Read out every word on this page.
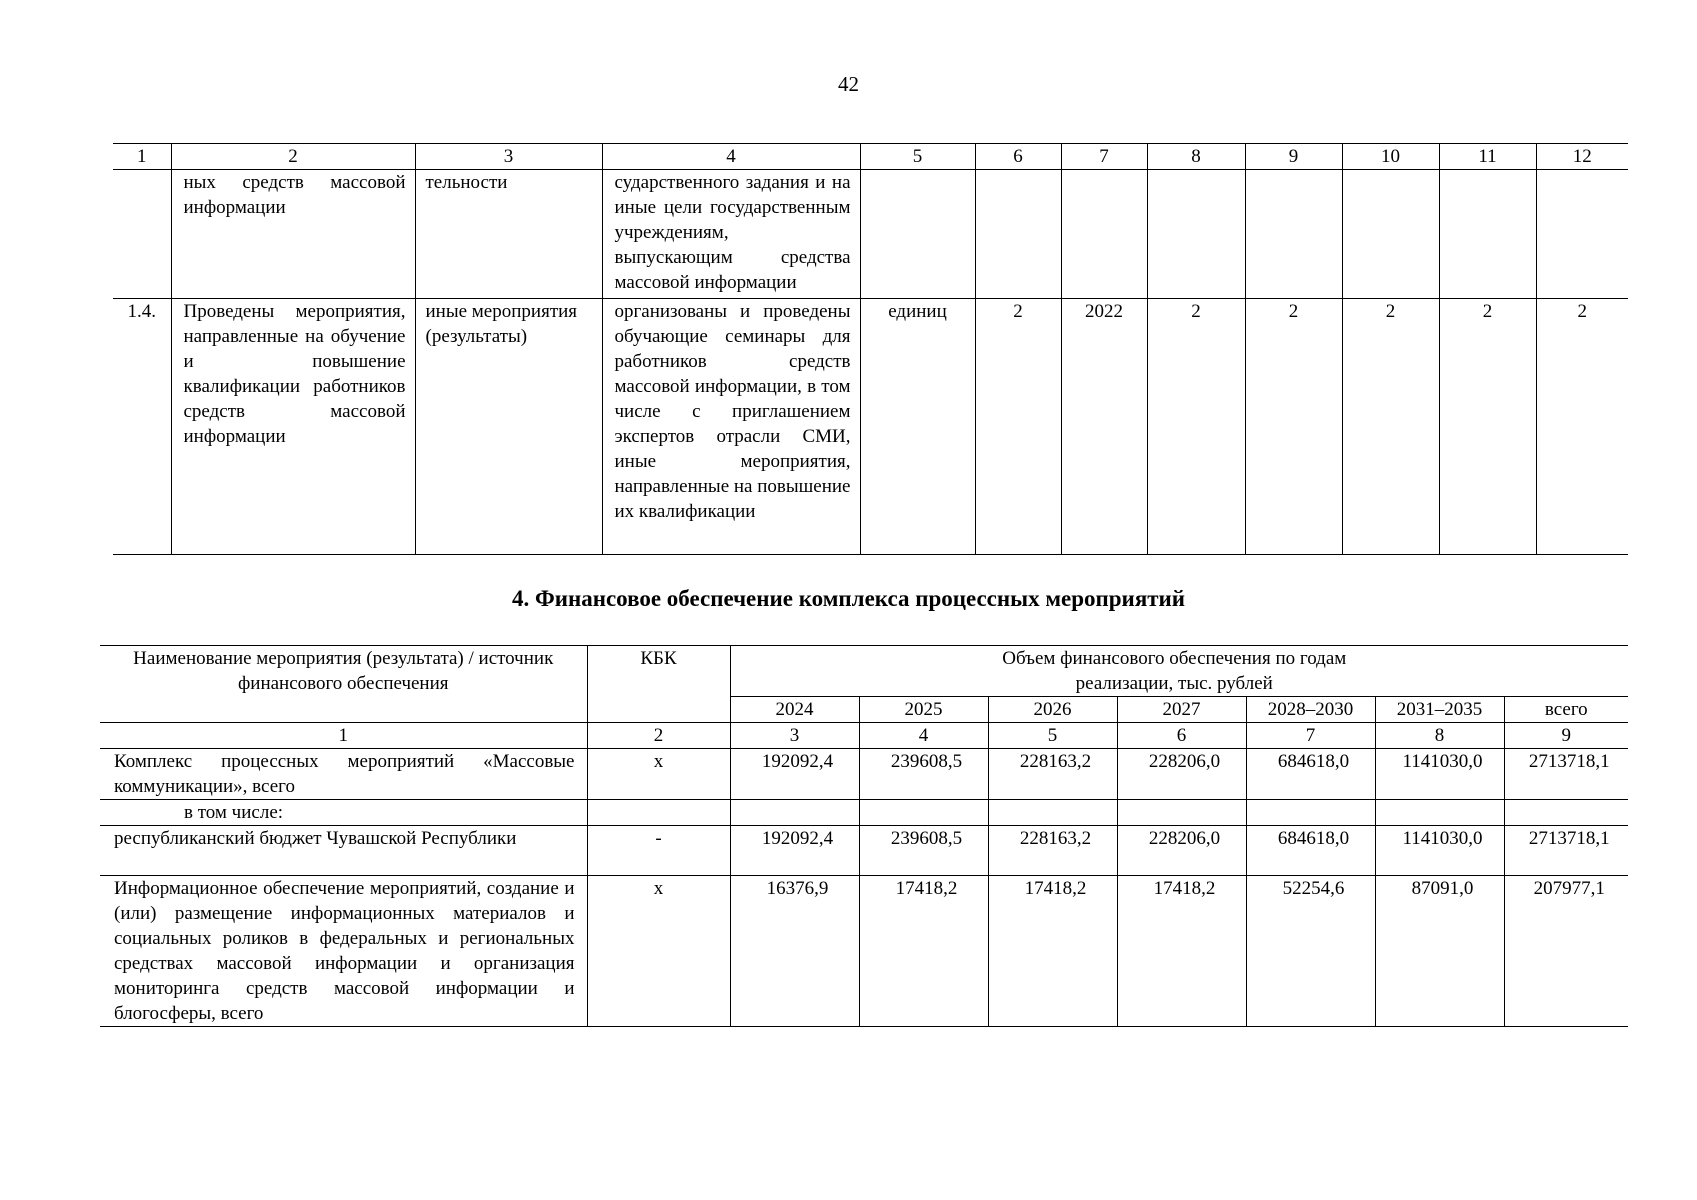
42
1	2	3	4	5	6	7	8	9	10	11	12
	ных средств массовой информации	тельности	сударственного задания и на иные цели государственным учреждениям, выпускающим средства массовой информации								
1.4.	Проведены мероприятия, направленные на обучение и повышение квалификации работников средств массовой информации	иные мероприятия (результаты)	организованы и проведены обучающие семинары для работников средств массовой информации, в том числе с приглашением экспертов отрасли СМИ, иные мероприятия, направленные на повышение их квалификации	единиц	2	2022	2	2	2	2	2
4. Финансовое обеспечение комплекса процессных мероприятий
Наименование мероприятия (результата) / источник финансового обеспечения	КБК	Объем финансового обеспечения по годам реализации, тыс. рублей						
		2024	2025	2026	2027	2028–2030	2031–2035	всего
1	2	3	4	5	6	7	8	9
Комплекс процессных мероприятий «Массовые коммуникации», всего	х	192092,4	239608,5	228163,2	228206,0	684618,0	1141030,0	2713718,1
в том числе:								
республиканский бюджет Чувашской Республики	-	192092,4	239608,5	228163,2	228206,0	684618,0	1141030,0	2713718,1
Информационное обеспечение мероприятий, создание и (или) размещение информационных материалов и социальных роликов в федеральных и региональных средствах массовой информации и организация мониторинга средств массовой информации и блогосферы, всего	х	16376,9	17418,2	17418,2	17418,2	52254,6	87091,0	207977,1
